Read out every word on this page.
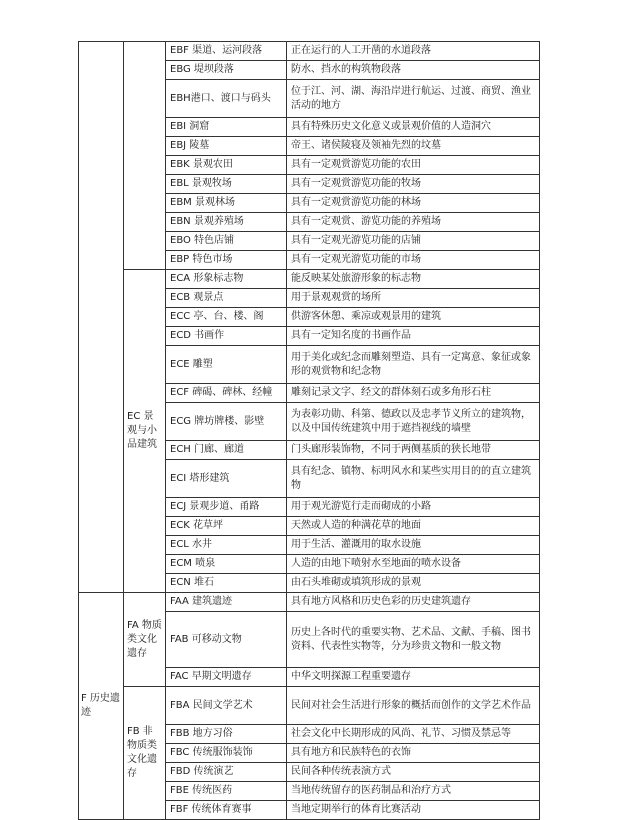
		EBF 渠道、运河段落	正在运行的人工开凿的水道段落
		EBG 堤坝段落	防水、挡水的构筑物段落
		EBH港口、渡口与码头	位于江、河、湖、海沿岸进行航运、过渡、商贸、渔业活动的地方
		EBI 洞窟	具有特殊历史文化意义或景观价值的人造洞穴
		EBJ 陵墓	帝王、诸侯陵寝及领袖先烈的坟墓
		EBK 景观农田	具有一定观赏游览功能的农田
		EBL 景观牧场	具有一定观赏游览功能的牧场
		EBM 景观林场	具有一定观赏游览功能的林场
		EBN 景观养殖场	具有一定观赏、游览功能的养殖场
		EBO 特色店铺	具有一定观光游览功能的店铺
		EBP 特色市场	具有一定观光游览功能的市场
	EC 景观与小品建筑	ECA 形象标志物	能反映某处旅游形象的标志物
		ECB 观景点	用于景观观赏的场所
		ECC 亭、台、楼、阁	供游客休憩、乘凉或观景用的建筑
		ECD 书画作	具有一定知名度的书画作品
		ECE 雕塑	用于美化或纪念而雕刻塑造、具有一定寓意、象征或象形的观赏物和纪念物
		ECF 碑碣、碑林、经幢	雕刻记录文字、经文的群体刻石或多角形石柱
		ECG 牌坊牌楼、影壁	为表彰功勋、科第、德政以及忠孝节义所立的建筑物，以及中国传统建筑中用于遮挡视线的墙壁
		ECH 门廊、廊道	门头廊形装饰物，不同于两侧基质的狭长地带
		ECI 塔形建筑	具有纪念、镇物、标明风水和某些实用目的的直立建筑物
		ECJ 景观步道、甬路	用于观光游览行走而砌成的小路
		ECK 花草坪	天然或人造的种满花草的地面
		ECL 水井	用于生活、灌溉用的取水设施
		ECM 喷泉	人造的由地下喷射水至地面的喷水设备
		ECN 堆石	由石头堆砌或填筑形成的景观
F 历史遗迹	FA 物质类文化遗存	FAA 建筑遗迹	具有地方风格和历史色彩的历史建筑遗存
		FAB 可移动文物	历史上各时代的重要实物、艺术品、文献、手稿、图书资料、代表性实物等，分为珍贵文物和一般文物
		FAC 早期文明遗存	中华文明探源工程重要遗存
	FB 非物质类文化遗存	FBA 民间文学艺术	民间对社会生活进行形象的概括而创作的文学艺术作品
		FBB 地方习俗	社会文化中长期形成的风尚、礼节、习惯及禁忌等
		FBC 传统服饰装饰	具有地方和民族特色的衣饰
		FBD 传统演艺	民间各种传统表演方式
		FBE 传统医药	当地传统留存的医药制品和治疗方式
		FBF 传统体育赛事	当地定期举行的体育比赛活动
